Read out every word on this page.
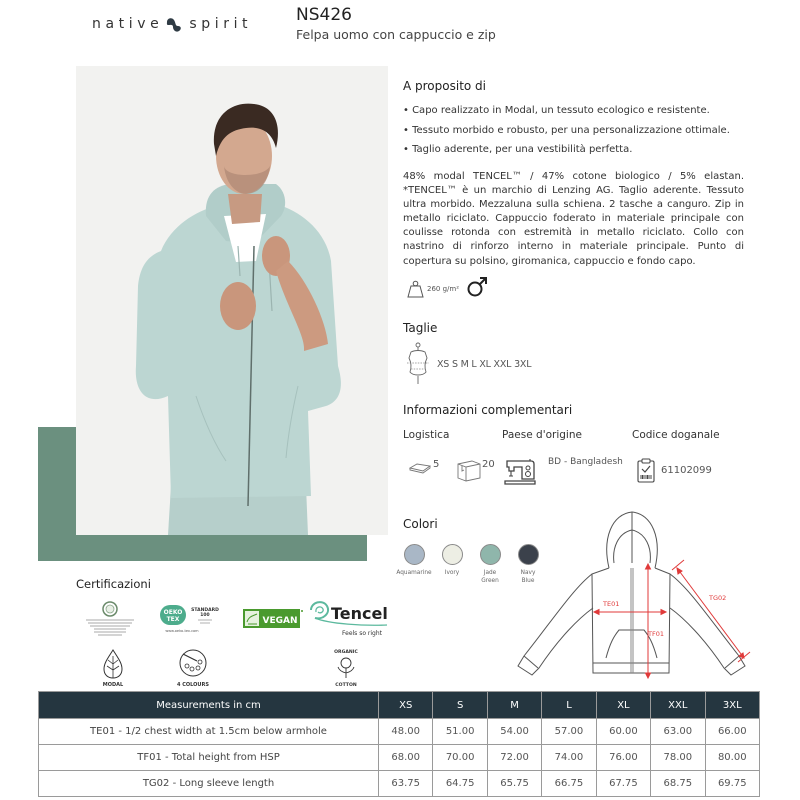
native spirit	NS426
Felpa uomo con cappuccio e zip
A proposito di
• Capo realizzato in Modal, un tessuto ecologico e resistente.
• Tessuto morbido e robusto, per una personalizzazione ottimale.
• Taglio aderente, per una vestibilità perfetta.
48% modal TENCEL™ / 47% cotone biologico / 5% elastan. *TENCEL™ è un marchio di Lenzing AG. Taglio aderente. Tessuto ultra morbido. Mezzaluna sulla schiena. 2 tasche a canguro. Zip in metallo riciclato. Cappuccio foderato in materiale principale con coulisse rotonda con estremità in metallo riciclato. Collo con nastrino di rinforzo interno in materiale principale. Punto di copertura su polsino, giromanica, cappuccio e fondo capo.
260 g/m²
Taglie
XS S M L XL XXL 3XL
Informazioni complementari
Logistica	Paese d'origine	Codice doganale
5	20	BD - Bangladesh
61102099
Colori
Aquamarine	Ivory	Jade
Green
Navy
Blue
TE01
TF01
TG02
Certificazioni
OEKO
TEX
STANDARD
100
www.oeko-tex.com
VEGAN Tencel
Feels so right
MODAL	4 COLOURS
ORGANIC
COTTON
Measurements in cm	XS	S	M	L	XL	XXL	3XL
TE01 - 1/2 chest width at 1.5cm below armhole	48.00	51.00	54.00	57.00	60.00	63.00	66.00
TF01 - Total height from HSP	68.00	70.00	72.00	74.00	76.00	78.00	80.00
TG02 - Long sleeve length	63.75	64.75	65.75	66.75	67.75	68.75	69.75
